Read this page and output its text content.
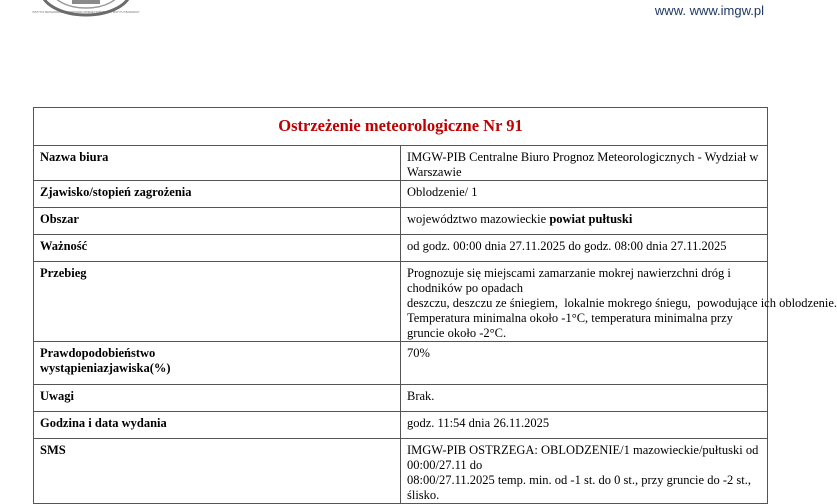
INSTYTUT METEOROLOGII I GOSPODARKI WODNEJ PAŃSTWOWY INSTYTUT BADAWCZY	www. www.imgw.pl
Ostrzeżenie meteorologiczne Nr 91	
Nazwa biura	IMGW-PIB Centralne Biuro Prognoz Meteorologicznych - Wydział w Warszawie
Zjawisko/stopień zagrożenia	Oblodzenie/ 1
Obszar	województwo mazowieckie powiat pułtuski
Ważność	od godz. 00:00 dnia 27.11.2025 do godz. 08:00 dnia 27.11.2025
Przebieg	Prognozuje się miejscami zamarzanie mokrej nawierzchni dróg i chodników po opadach
deszczu, deszczu ze śniegiem,  lokalnie mokrego śniegu,  powodujące ich oblodzenie.
Temperatura minimalna około -1°C, temperatura minimalna przy gruncie około -2°C.

Prawdopodobieństwo
wystąpieniazjawiska(%)	70%
Uwagi	Brak.
Godzina i data wydania	godz. 11:54 dnia 26.11.2025
SMS	IMGW-PIB OSTRZEGA: OBLODZENIE/1 mazowieckie/pułtuski od 00:00/27.11 do
08:00/27.11.2025 temp. min. od -1 st. do 0 st., przy gruncie do -2 st., ślisko.
